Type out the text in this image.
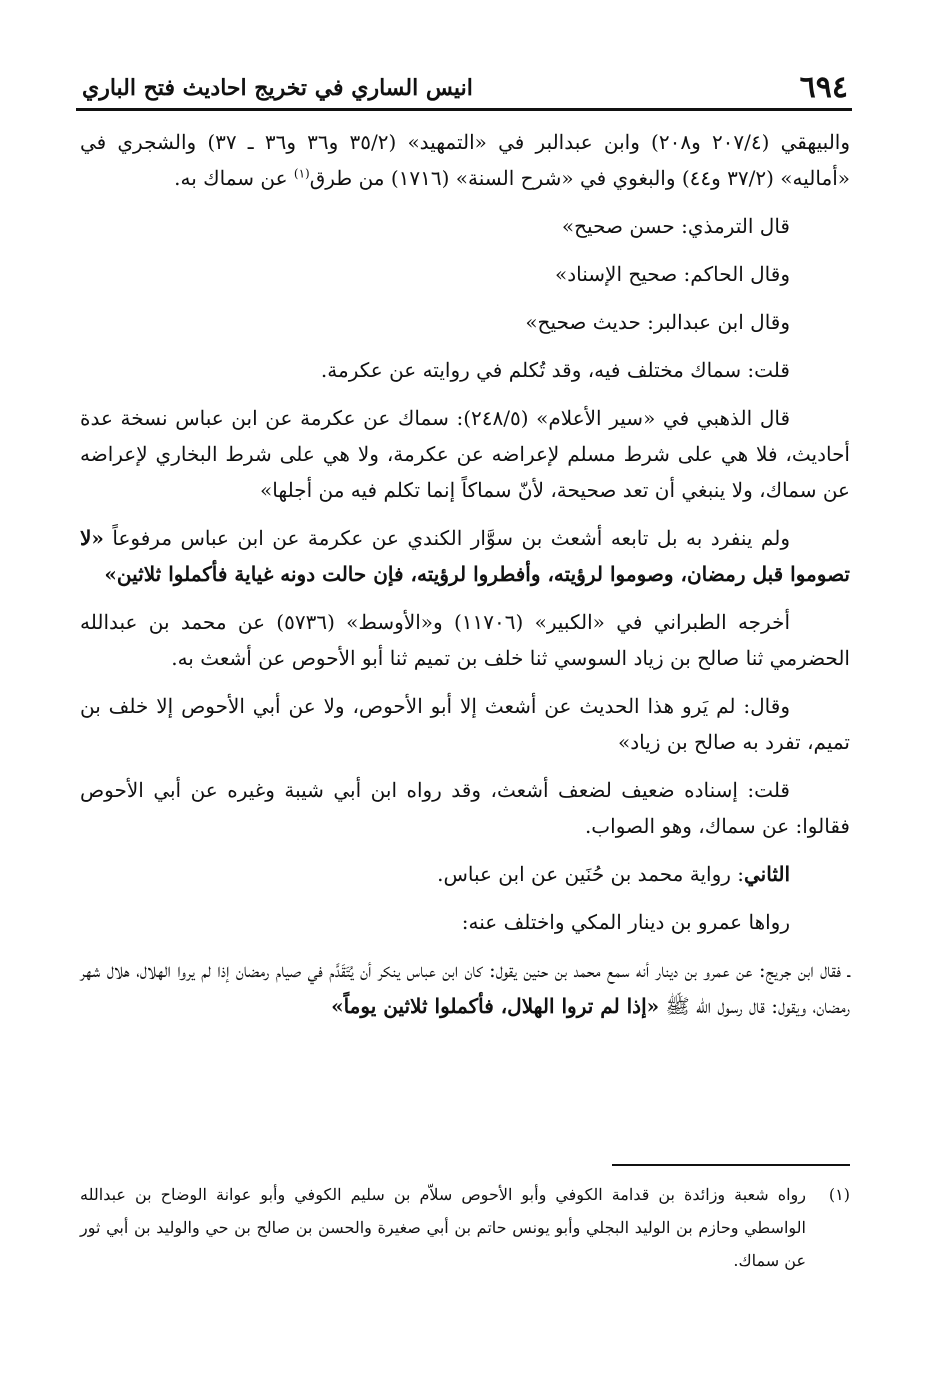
٦٩٤
انيس الساري في تخريج احاديث فتح الباري

والبيهقي (٢٠٧/٤ و٢٠٨) وابن عبدالبر في «التمهيد» (٣٥/٢ و٣٦ و٣٦ ـ ٣٧) والشجري في «أماليه» (٣٧/٢ و٤٤) والبغوي في «شرح السنة» (١٧١٦) من طرق$^{(١)}$ عن سماك به.

قال الترمذي: حسن صحيح»

وقال الحاكم: صحيح الإسناد»

وقال ابن عبدالبر: حديث صحيح»

قلت: سماك مختلف فيه، وقد تُكلم في روايته عن عكرمة.

قال الذهبي في «سير الأعلام» (٢٤٨/٥): سماك عن عكرمة عن ابن عباس نسخة عدة أحاديث، فلا هي على شرط مسلم لإعراضه عن عكرمة، ولا هي على شرط البخاري لإعراضه عن سماك، ولا ينبغي أن تعد صحيحة، لأنّ سماكاً إنما تكلم فيه من أجلها»

ولم ينفرد به بل تابعه أشعث بن سوَّار الكندي عن عكرمة عن ابن عباس مرفوعاً «لا تصوموا قبل رمضان، وصوموا لرؤيته، وأفطروا لرؤيته، فإن حالت دونه غياية فأكملوا ثلاثين»

أخرجه الطبراني في «الكبير» (١١٧٠٦) و«الأوسط» (٥٧٣٦) عن محمد بن عبدالله الحضرمي ثنا صالح بن زياد السوسي ثنا خلف بن تميم ثنا أبو الأحوص عن أشعث به.

وقال: لم يَرو هذا الحديث عن أشعث إلا أبو الأحوص، ولا عن أبي الأحوص إلا خلف بن تميم، تفرد به صالح بن زياد»

قلت: إسناده ضعيف لضعف أشعث، وقد رواه ابن أبي شيبة وغيره عن أبي الأحوص فقالوا: عن سماك، وهو الصواب.

الثاني: رواية محمد بن حُنَين عن ابن عباس.

رواها عمرو بن دينار المكي واختلف عنه:

ـ فقال ابن جريج: عن عمرو بن دينار أنه سمع محمد بن حنين يقول: كان ابن عباس ينكر أن يُتَقَدَّم في صيام رمضان إذا لم يروا الهلال، هلال شهر رمضان، ويقول: قال رسول الله ﷺ «إذا لم تروا الهلال، فأكملوا ثلاثين يوماً»

(١)
رواه شعبة وزائدة بن قدامة الكوفي وأبو الأحوص سلاّم بن سليم الكوفي وأبو عوانة الوضاح بن عبدالله الواسطي وحازم بن الوليد البجلي وأبو يونس حاتم بن أبي صغيرة والحسن بن صالح بن حي والوليد بن أبي ثور عن سماك.
